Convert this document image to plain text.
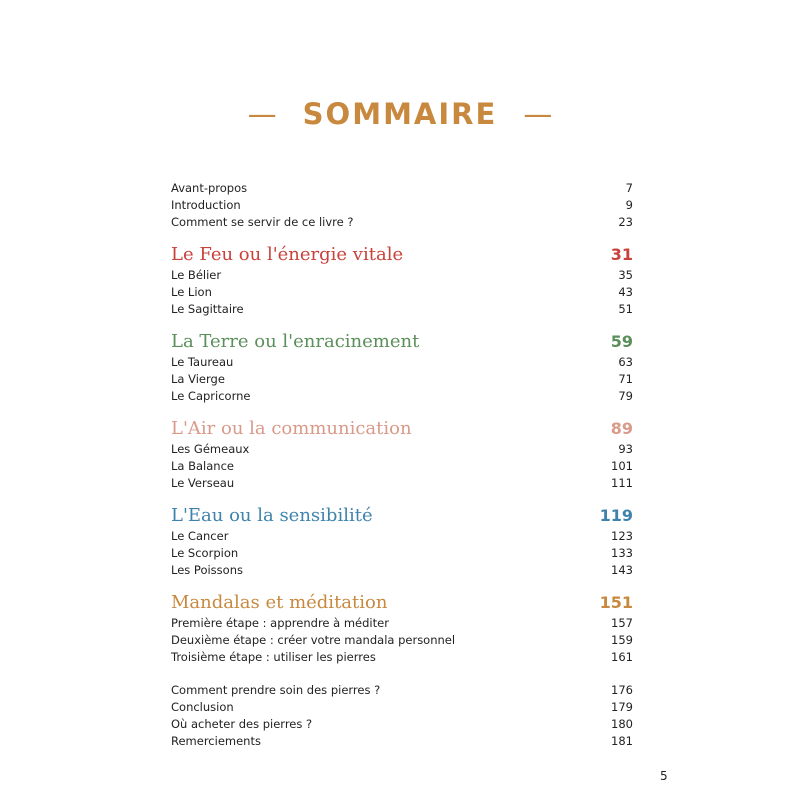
— SOMMAIRE —
Avant-propos	7
Introduction	9
Comment se servir de ce livre ?	23
Le Feu ou l'énergie vitale	31
Le Bélier	35
Le Lion	43
Le Sagittaire	51
La Terre ou l'enracinement	59
Le Taureau	63
La Vierge	71
Le Capricorne	79
L'Air ou la communication	89
Les Gémeaux	93
La Balance	101
Le Verseau	111
L'Eau ou la sensibilité	119
Le Cancer	123
Le Scorpion	133
Les Poissons	143
Mandalas et méditation	151
Première étape : apprendre à méditer	157
Deuxième étape : créer votre mandala personnel	159
Troisième étape : utiliser les pierres	161
Comment prendre soin des pierres ?	176
Conclusion	179
Où acheter des pierres ?	180
Remerciements	181
5
